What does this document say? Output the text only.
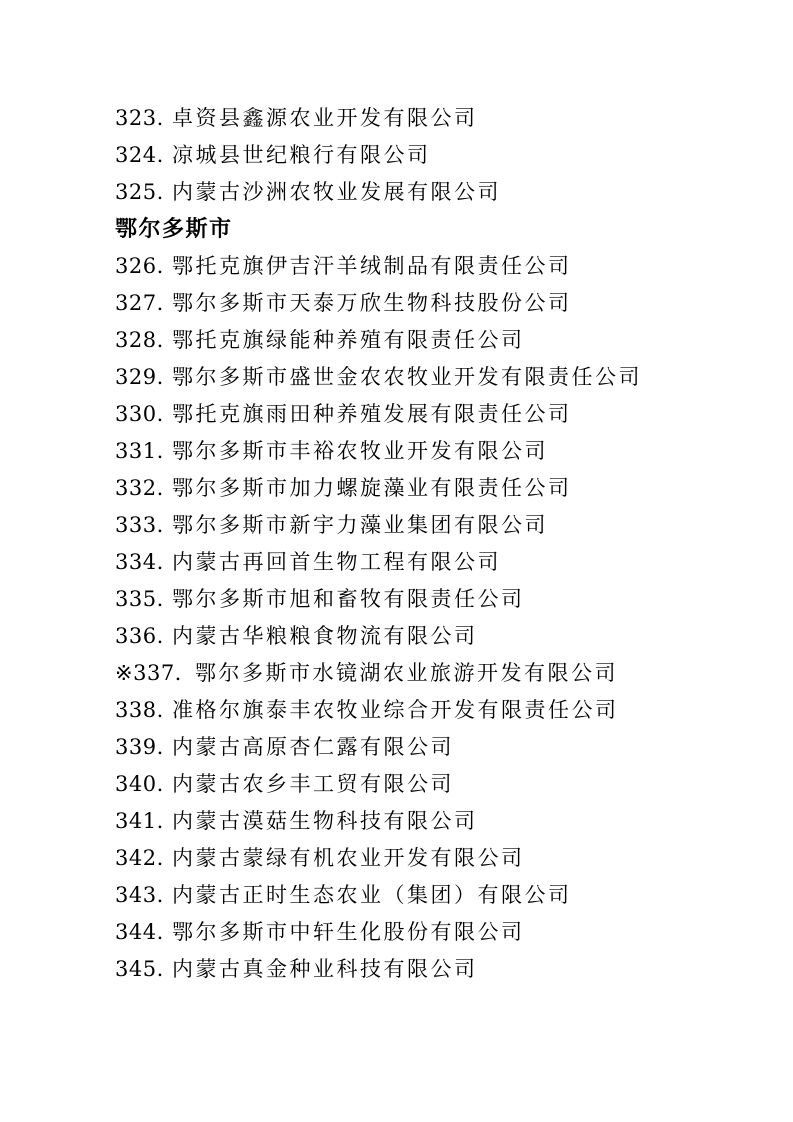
323. 卓资县鑫源农业开发有限公司
324. 凉城县世纪粮行有限公司
325. 内蒙古沙洲农牧业发展有限公司
鄂尔多斯市
326. 鄂托克旗伊吉汗羊绒制品有限责任公司
327. 鄂尔多斯市天泰万欣生物科技股份公司
328. 鄂托克旗绿能种养殖有限责任公司
329. 鄂尔多斯市盛世金农农牧业开发有限责任公司
330. 鄂托克旗雨田种养殖发展有限责任公司
331. 鄂尔多斯市丰裕农牧业开发有限公司
332. 鄂尔多斯市加力螺旋藻业有限责任公司
333. 鄂尔多斯市新宇力藻业集团有限公司
334. 内蒙古再回首生物工程有限公司
335. 鄂尔多斯市旭和畜牧有限责任公司
336. 内蒙古华粮粮食物流有限公司
※337. 鄂尔多斯市水镜湖农业旅游开发有限公司
338. 准格尔旗泰丰农牧业综合开发有限责任公司
339. 内蒙古高原杏仁露有限公司
340. 内蒙古农乡丰工贸有限公司
341. 内蒙古漠菇生物科技有限公司
342. 内蒙古蒙绿有机农业开发有限公司
343. 内蒙古正时生态农业（集团）有限公司
344. 鄂尔多斯市中轩生化股份有限公司
345. 内蒙古真金种业科技有限公司
